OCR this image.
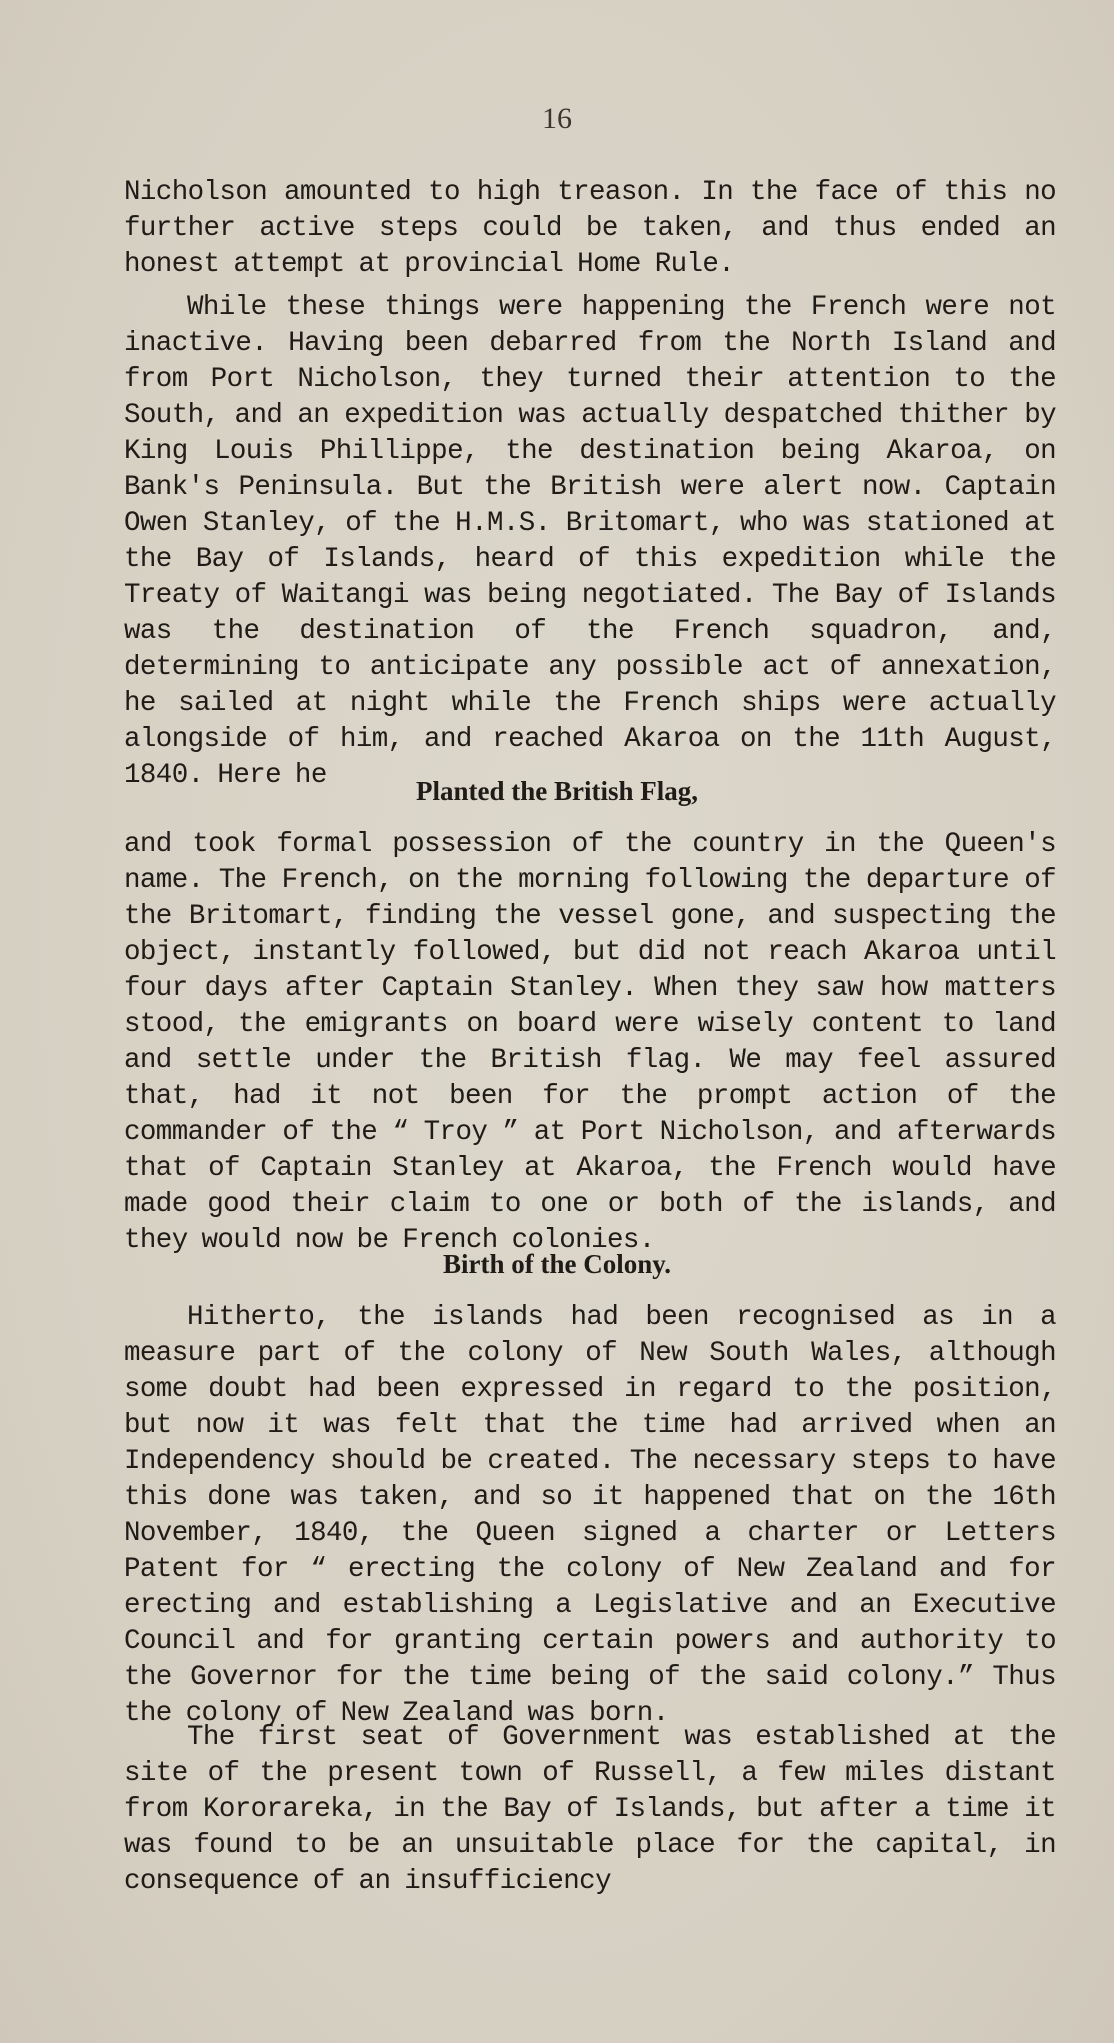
16

Nicholson amounted to high treason. In the face of this no further active steps could be taken, and thus ended an honest attempt at provincial Home Rule.

While these things were happening the French were not inactive. Having been debarred from the North Island and from Port Nicholson, they turned their attention to the South, and an expedition was actually despatched thither by King Louis Phillippe, the destination being Akaroa, on Bank's Peninsula. But the British were alert now. Captain Owen Stanley, of the H.M.S. Britomart, who was stationed at the Bay of Islands, heard of this expedition while the Treaty of Waitangi was being negotiated. The Bay of Islands was the destination of the French squadron, and, determining to anticipate any possible act of annexation, he sailed at night while the French ships were actually alongside of him, and reached Akaroa on the 11th August, 1840. Here he	Planted the British Flag,

and took formal possession of the country in the Queen's name. The French, on the morning following the departure of the Britomart, finding the vessel gone, and suspecting the object, instantly followed, but did not reach Akaroa until four days after Captain Stanley. When they saw how matters stood, the emigrants on board were wisely content to land and settle under the British flag. We may feel assured that, had it not been for the prompt action of the commander of the “ Troy ” at Port Nicholson, and afterwards that of Captain Stanley at Akaroa, the French would have made good their claim to one or both of the islands, and they would now be French colonies.

Birth of the Colony.

Hitherto, the islands had been recognised as in a measure part of the colony of New South Wales, although some doubt had been expressed in regard to the position, but now it was felt that the time had arrived when an Independency should be created. The necessary steps to have this done was taken, and so it happened that on the 16th November, 1840, the Queen signed a charter or Letters Patent for “ erecting the colony of New Zealand and for erecting and establishing a Legislative and an Executive Council and for granting certain powers and authority to the Governor for the time being of the said colony.” Thus the colony of New Zealand was born.

The first seat of Government was established at the site of the present town of Russell, a few miles distant from Kororareka, in the Bay of Islands, but after a time it was found to be an unsuitable place for the capital, in consequence of an insufficiency
